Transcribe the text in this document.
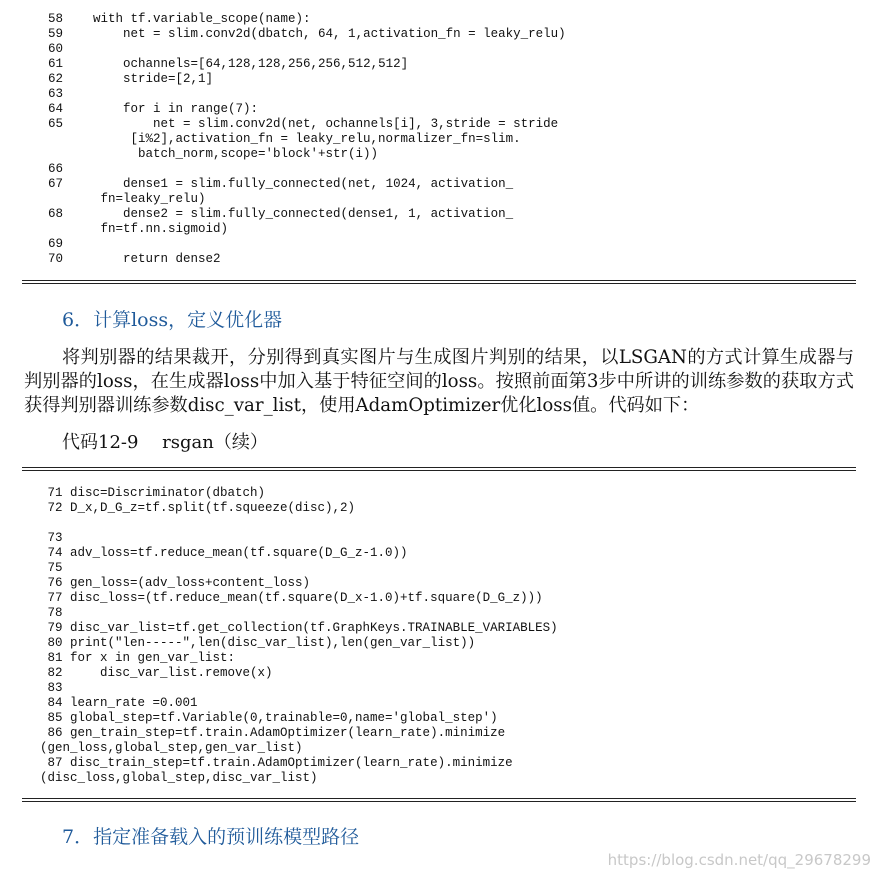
58    with tf.variable_scope(name):
59        net = slim.conv2d(dbatch, 64, 1,activation_fn = leaky_relu)
60
61        ochannels=[64,128,128,256,256,512,512]
62        stride=[2,1]
63
64        for i in range(7):
65            net = slim.conv2d(net, ochannels[i], 3,stride = stride
[i%2],activation_fn = leaky_relu,normalizer_fn=slim.
batch_norm,scope='block'+str(i))
66
67        dense1 = slim.fully_connected(net, 1024, activation_
fn=leaky_relu)
68        dense2 = slim.fully_connected(dense1, 1, activation_
fn=tf.nn.sigmoid)
69
70        return dense2
6．计算loss，定义优化器
将判别器的结果裁开，分别得到真实图片与生成图片判别的结果，以LSGAN的方式计算生成器与判别器的loss，在生成器loss中加入基于特征空间的loss。按照前面第3步中所讲的训练参数的获取方式获得判别器训练参数disc_var_list，使用AdamOptimizer优化loss值。代码如下：
代码12-9　 rsgan（续）
71 disc=Discriminator(dbatch)
72 D_x,D_G_z=tf.split(tf.squeeze(disc),2)
73
74 adv_loss=tf.reduce_mean(tf.square(D_G_z-1.0))
75
76 gen_loss=(adv_loss+content_loss)
77 disc_loss=(tf.reduce_mean(tf.square(D_x-1.0)+tf.square(D_G_z)))
78
79 disc_var_list=tf.get_collection(tf.GraphKeys.TRAINABLE_VARIABLES)
80 print("len-----",len(disc_var_list),len(gen_var_list))
81 for x in gen_var_list:
82     disc_var_list.remove(x)
83
84 learn_rate =0.001
85 global_step=tf.Variable(0,trainable=0,name='global_step')
86 gen_train_step=tf.train.AdamOptimizer(learn_rate).minimize
(gen_loss,global_step,gen_var_list)
87 disc_train_step=tf.train.AdamOptimizer(learn_rate).minimize
(disc_loss,global_step,disc_var_list)
7．指定准备载入的预训练模型路径
https://blog.csdn.net/qq_29678299
